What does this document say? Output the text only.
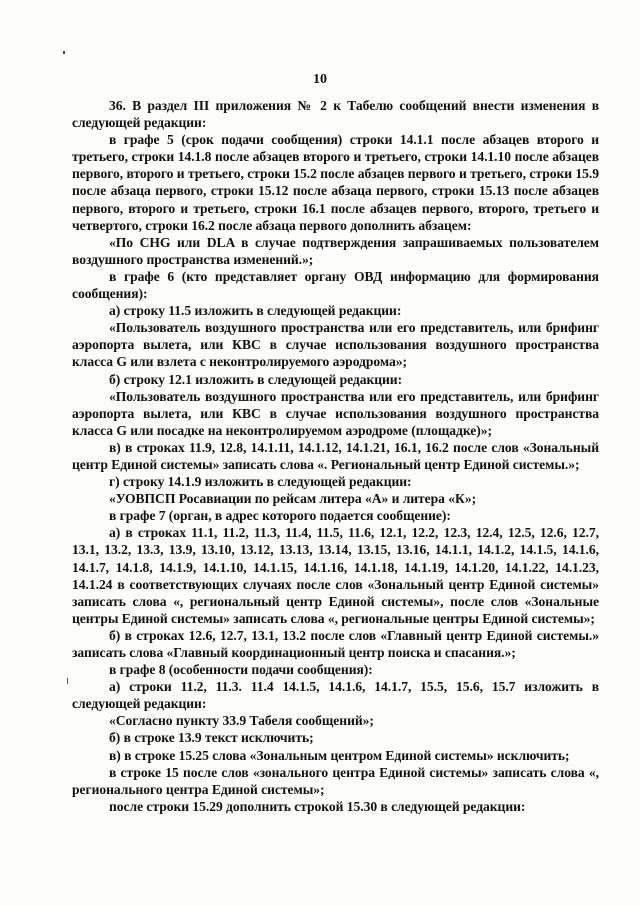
10

36. В раздел III приложения № 2 к Табелю сообщений внести изменения в следующей редакции:

в графе 5 (срок подачи сообщения) строки 14.1.1 после абзацев второго и третьего, строки 14.1.8 после абзацев второго и третьего, строки 14.1.10 после абзацев первого, второго и третьего, строки 15.2 после абзацев первого и третьего, строки 15.9 после абзаца первого, строки 15.12 после абзаца первого, строки 15.13 после абзацев первого, второго и третьего, строки 16.1 после абзацев первого, второго, третьего и четвертого, строки 16.2 после абзаца первого дополнить абзацем:

«По CHG или DLA в случае подтверждения запрашиваемых пользователем воздушного пространства изменений.»;

в графе 6 (кто представляет органу ОВД информацию для формирования сообщения):

а) строку 11.5 изложить в следующей редакции:

«Пользователь воздушного пространства или его представитель, или брифинг аэропорта вылета, или КВС в случае использования воздушного пространства класса G или взлета с неконтролируемого аэродрома»;

б) строку 12.1 изложить в следующей редакции:

«Пользователь воздушного пространства или его представитель, или брифинг аэропорта вылета, или КВС в случае использования воздушного пространства класса G или посадке на неконтролируемом аэродроме (площадке)»;

в) в строках 11.9, 12.8, 14.1.11, 14.1.12, 14.1.21, 16.1, 16.2 после слов «Зональный центр Единой системы» записать слова «. Региональный центр Единой системы.»;

г) строку 14.1.9 изложить в следующей редакции:

«УОВПСП Росавиации по рейсам литера «А» и литера «К»;

в графе 7 (орган, в адрес которого подается сообщение):

а) в строках 11.1, 11.2, 11.3, 11.4, 11.5, 11.6, 12.1, 12.2, 12.3, 12.4, 12.5, 12.6, 12.7, 13.1, 13.2, 13.3, 13.9, 13.10, 13.12, 13.13, 13.14, 13.15, 13.16, 14.1.1, 14.1.2, 14.1.5, 14.1.6, 14.1.7, 14.1.8, 14.1.9, 14.1.10, 14.1.15, 14.1.16, 14.1.18, 14.1.19, 14.1.20, 14.1.22, 14.1.23, 14.1.24 в соответствующих случаях после слов «Зональный центр Единой системы» записать слова «, региональный центр Единой системы», после слов «Зональные центры Единой системы» записать слова «, региональные центры Единой системы»;

б) в строках 12.6, 12.7, 13.1, 13.2 после слов «Главный центр Единой системы.» записать слова «Главный координационный центр поиска и спасания.»;

в графе 8 (особенности подачи сообщения):

а) строки 11.2, 11.3. 11.4 14.1.5, 14.1.6, 14.1.7, 15.5, 15.6, 15.7 изложить в следующей редакции:

«Согласно пункту 33.9 Табеля сообщений»;

б) в строке 13.9 текст исключить;

в) в строке 15.25 слова «Зональным центром Единой системы» исключить;

в строке 15 после слов «зонального центра Единой системы» записать слова «, регионального центра Единой системы»;

после строки 15.29 дополнить строкой 15.30 в следующей редакции:
